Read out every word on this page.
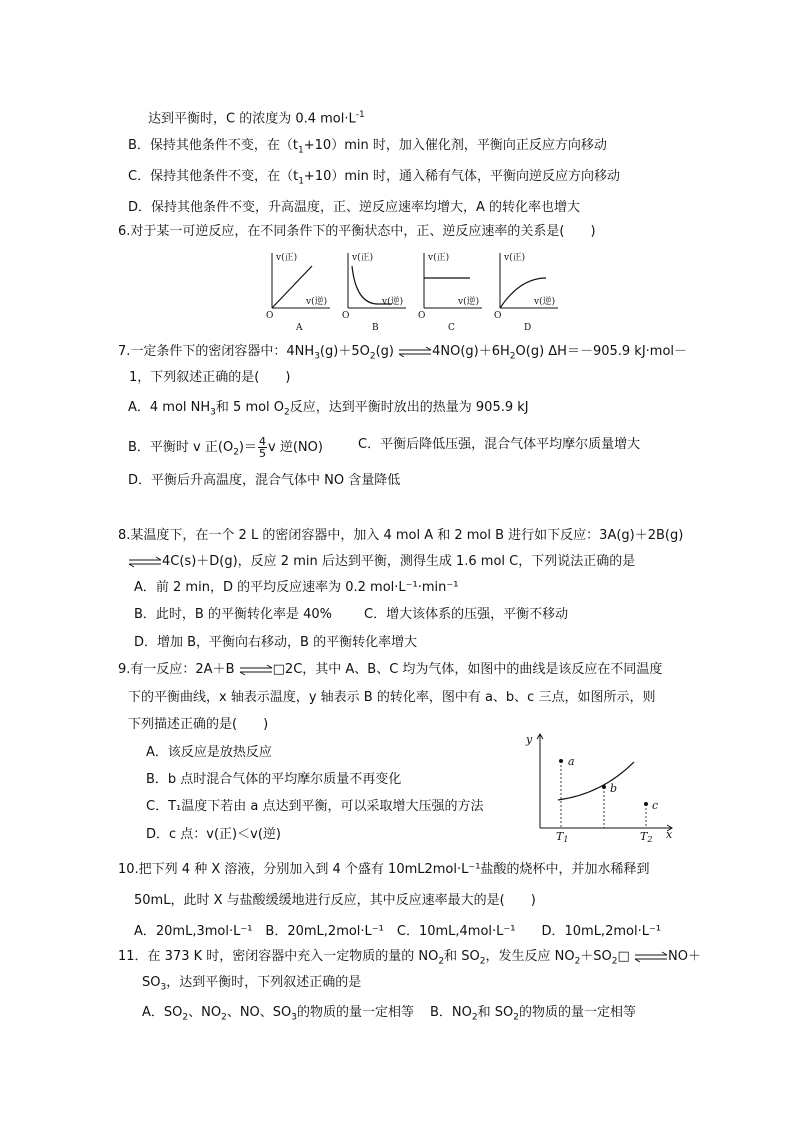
达到平衡时，C 的浓度为 0.4 $mol\cdot L^{-1}$
B．保持其他条件不变，在$(t_1+10)\min$ 时，加入催化剂，平衡向正反应方向移动
C．保持其他条件不变，在$(t_1+10)\min$ 时，通入稀有气体，平衡向逆反应方向移动
D．保持其他条件不变，升高温度，正、逆反应速率均增大，A 的转化率也增大
6.对于某一可逆反应，在不同条件下的平衡状态中，正、逆反应速率的关系是(　　)
v(正)
v(逆)
O
A
v(正)
v(逆)
O
B
v(正)
v(逆)
O
C
v(正)
v(逆)
O
D
7.一定条件下的密闭容器中：$4NH_3(g)+5O_2(g)$ $\rightleftharpoons 4NO(g)+6H_2O(g)$ ΔH＝－905.9 kJ·mol－
1，下列叙述正确的是(　　)
A．4 mol $NH_3$和 5 mol $O_2$反应，达到平衡时放出的热量为 905.9 kJ
B．平衡时 v 正$(O_2)= \frac{4}{5}$ v 逆(NO)	C．平衡后降低压强，混合气体平均摩尔质量增大
D．平衡后升高温度，混合气体中 NO 含量降低
8.某温度下，在一个 2 L 的密闭容器中，加入 4 mol A 和 2 mol B 进行如下反应：3A(g)＋2B(g)
⇌4C(s)＋D(g)，反应 2 min 后达到平衡，测得生成 1.6 mol C，下列说法正确的是
A．前 2 min，D 的平均反应速率为 0.2 mol·L⁻¹·min⁻¹
B．此时，B 的平衡转化率是 40% C．增大该体系的压强，平衡不移动
D．增加 B，平衡向右移动，B 的平衡转化率增大
9.有一反应：2A＋B ⇌□2C，其中 A、B、C 均为气体，如图中的曲线是该反应在不同温度
下的平衡曲线，x 轴表示温度，y 轴表示 B 的转化率，图中有 a、b、c 三点，如图所示，则
下列描述正确的是(　　)
A．该反应是放热反应
B．b 点时混合气体的平均摩尔质量不再变化
C．T₁温度下若由 a 点达到平衡，可以采取增大压强的方法
D．c 点：v(正)＜v(逆)
y
x
a
b
c
T1	T2
10.把下列 4 种 X 溶液，分别加入到 4 个盛有 10mL2mol·L⁻¹盐酸的烧杯中，并加水稀释到
50mL，此时 X 与盐酸缓缓地进行反应，其中反应速率最大的是(　　)
A．20mL,3mol·L⁻¹　B．20mL,2mol·L⁻¹　C．10mL,4mol·L⁻¹　　D．10mL,2mol·L⁻¹
11．在 373 K 时，密闭容器中充入一定物质的量的 $NO_2$和 $SO_2$，发生反应 $NO_2+SO_2□$ ⇌NO＋
$SO_3$，达到平衡时，下列叙述正确的是
A．$SO_2$、$NO_2$、NO、$SO_3$的物质的量一定相等 B．$NO_2$和 $SO_2$的物质的量一定相等
